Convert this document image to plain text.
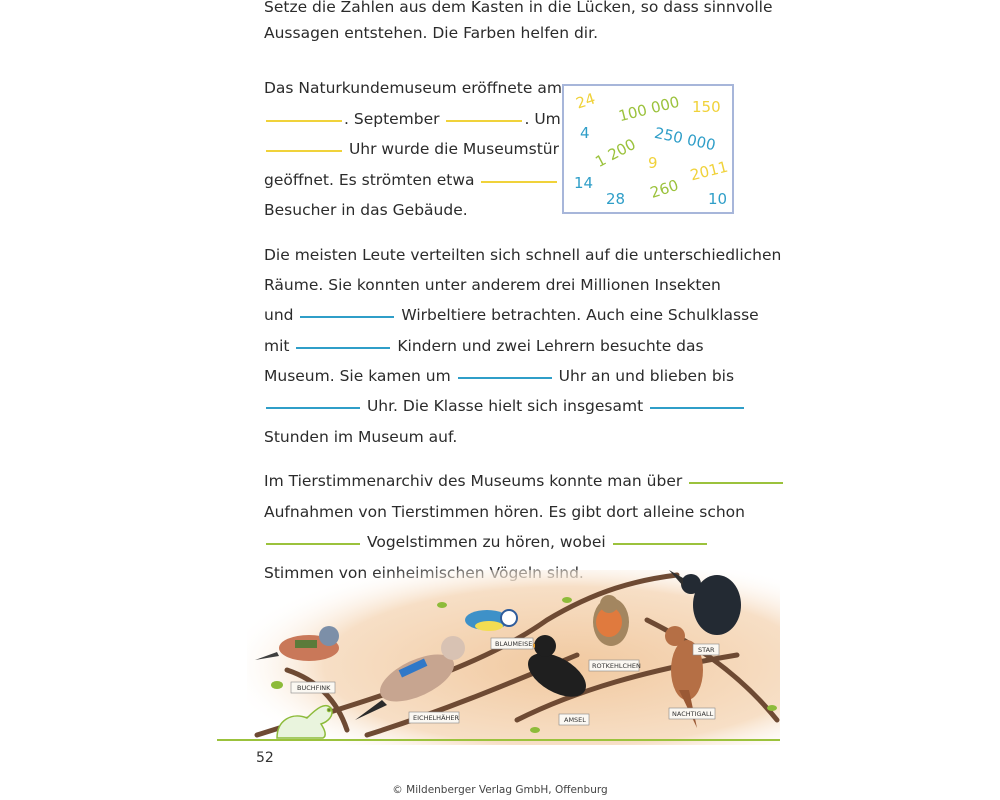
Setze die Zahlen aus dem Kasten in die Lücken, so dass sinnvolle
Aussagen entstehen. Die Farben helfen dir.
Das Naturkundemuseum eröffnete am
. September	. Um
Uhr wurde die Museumstür
geöffnet. Es strömten etwa
Besucher in das Gebäude.
24 100 000 150
4	250 000
1 200 9 2011
14	260
28	10
Die meisten Leute verteilten sich schnell auf die unterschiedlichen
Räume. Sie konnten unter anderem drei Millionen Insekten
und	Wirbeltiere betrachten. Auch eine Schulklasse
mit	Kindern und zwei Lehrern besuchte das
Museum. Sie kamen um	Uhr an und blieben bis
Uhr. Die Klasse hielt sich insgesamt
Stunden im Museum auf.
Im Tierstimmenarchiv des Museums konnte man über
Aufnahmen von Tierstimmen hören. Es gibt dort alleine schon
Vogelstimmen zu hören, wobei
BUCHFINK
EICHELHÄHER
BLAUMEISE
AMSEL
ROTKEHLCHEN
STAR
NACHTIGALL
52
© Mildenberger Verlag GmbH, Offenburg
